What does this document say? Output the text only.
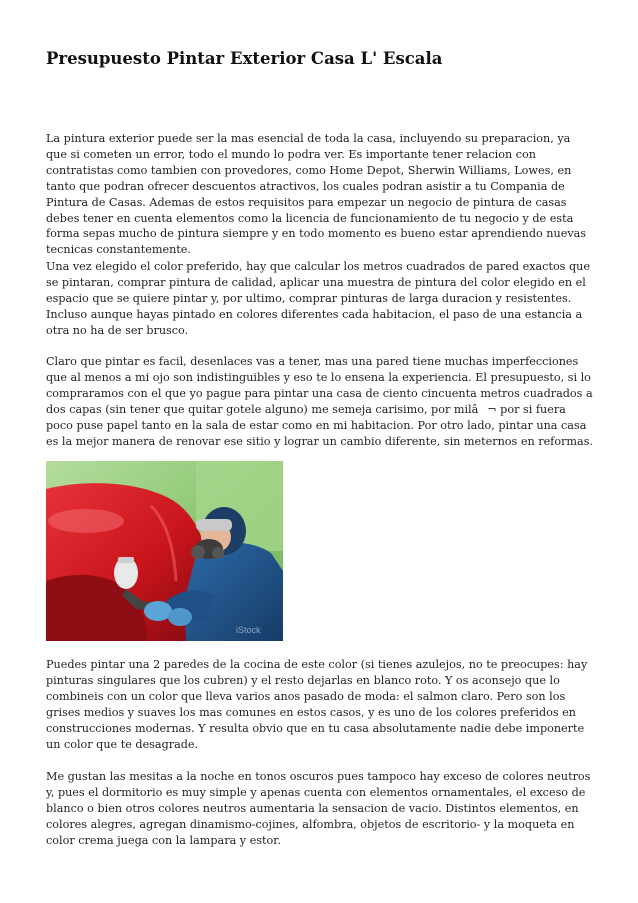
Presupuesto Pintar Exterior Casa L' Escala

La pintura exterior puede ser la mas esencial de toda la casa, incluyendo su preparacion, ya que si cometen un error, todo el mundo lo podra ver. Es importante tener relacion con contratistas como tambien con provedores, como Home Depot, Sherwin Williams, Lowes, en tanto que podran ofrecer descuentos atractivos, los cuales podran asistir a tu Compania de Pintura de Casas. Ademas de estos requisitos para empezar un negocio de pintura de casas debes tener en cuenta elementos como la licencia de funcionamiento de tu negocio y de esta forma sepas mucho de pintura siempre y en todo momento es bueno estar aprendiendo nuevas tecnicas constantemente.

Una vez elegido el color preferido, hay que calcular los metros cuadrados de pared exactos que se pintaran, comprar pintura de calidad, aplicar una muestra de pintura del color elegido en el espacio que se quiere pintar y, por ultimo, comprar pinturas de larga duracion y resistentes. Incluso aunque hayas pintado en colores diferentes cada habitacion, el paso de una estancia a otra no ha de ser brusco.

Claro que pintar es facil, desenlaces vas a tener, mas una pared tiene muchas imperfecciones que al menos a mi ojo son indistinguibles y eso te lo ensena la experiencia. El presupuesto, si lo compraramos con el que yo pague para pintar una casa de ciento cincuenta metros cuadrados a dos capas (sin tener que quitar gotele alguno) me semeja carisimo, por milâ¬ por si fuera poco puse papel tanto en la sala de estar como en mi habitacion. Por otro lado, pintar una casa es la mejor manera de renovar ese sitio y lograr un cambio diferente, sin meternos en reformas.

iStock

Puedes pintar una 2 paredes de la cocina de este color (si tienes azulejos, no te preocupes: hay pinturas singulares que los cubren) y el resto dejarlas en blanco roto. Y os aconsejo que lo combineis con un color que lleva varios anos pasado de moda: el salmon claro. Pero son los grises medios y suaves los mas comunes en estos casos, y es uno de los colores preferidos en construcciones modernas. Y resulta obvio que en tu casa absolutamente nadie debe imponerte un color que te desagrade.

Me gustan las mesitas a la noche en tonos oscuros pues tampoco hay exceso de colores neutros y, pues el dormitorio es muy simple y apenas cuenta con elementos ornamentales, el exceso de blanco o bien otros colores neutros aumentaria la sensacion de vacio. Distintos elementos, en colores alegres, agregan dinamismo-cojines, alfombra, objetos de escritorio- y la moqueta en color crema juega con la lampara y estor.
